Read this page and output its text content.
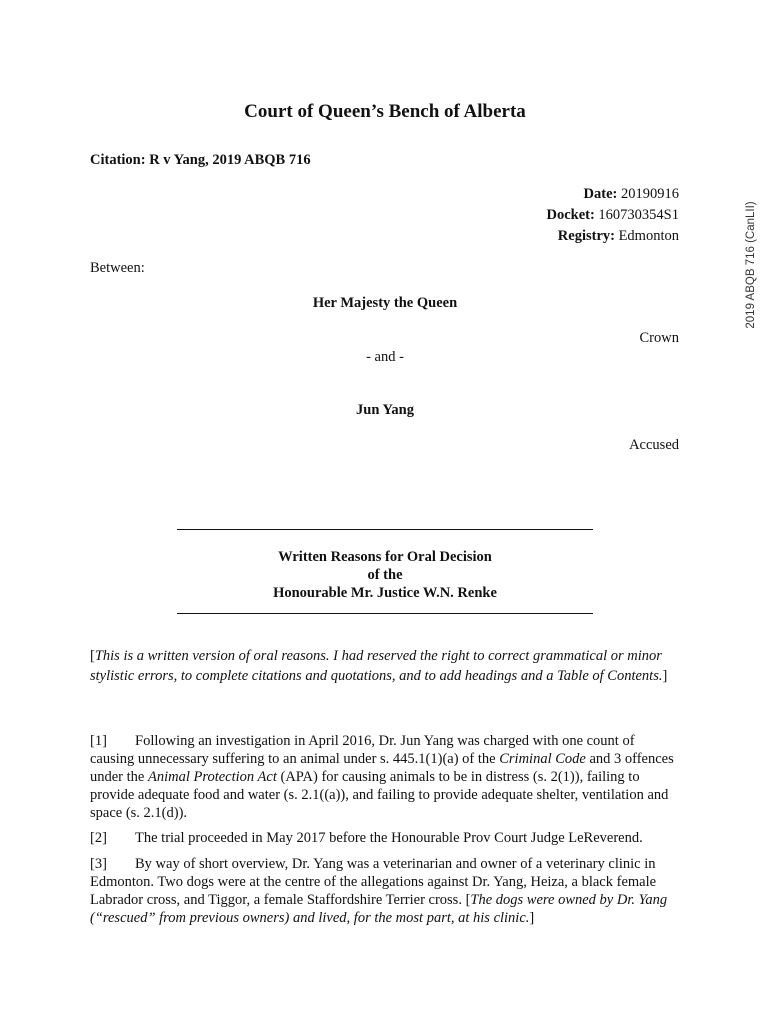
Court of Queen’s Bench of Alberta
Citation: R v Yang, 2019 ABQB 716
Date: 20190916
Docket: 160730354S1
Registry: Edmonton	2019 ABQB 716 (CanLII)
Between:
Her Majesty the Queen
Crown
- and -
Jun Yang
Accused
Written Reasons for Oral Decision
of the
Honourable Mr. Justice W.N. Renke
[This is a written version of oral reasons. I had reserved the right to correct grammatical or minor stylistic errors, to complete citations and quotations, and to add headings and a Table of Contents.]
[1] Following an investigation in April 2016, Dr. Jun Yang was charged with one count of causing unnecessary suffering to an animal under s. 445.1(1)(a) of the Criminal Code and 3 offences under the Animal Protection Act (APA) for causing animals to be in distress (s. 2(1)), failing to provide adequate food and water (s. 2.1((a)), and failing to provide adequate shelter, ventilation and space (s. 2.1(d)).
[2] The trial proceeded in May 2017 before the Honourable Prov Court Judge LeReverend.
[3] By way of short overview, Dr. Yang was a veterinarian and owner of a veterinary clinic in Edmonton. Two dogs were at the centre of the allegations against Dr. Yang, Heiza, a black female Labrador cross, and Tiggor, a female Staffordshire Terrier cross. [The dogs were owned by Dr. Yang (“rescued” from previous owners) and lived, for the most part, at his clinic.]
